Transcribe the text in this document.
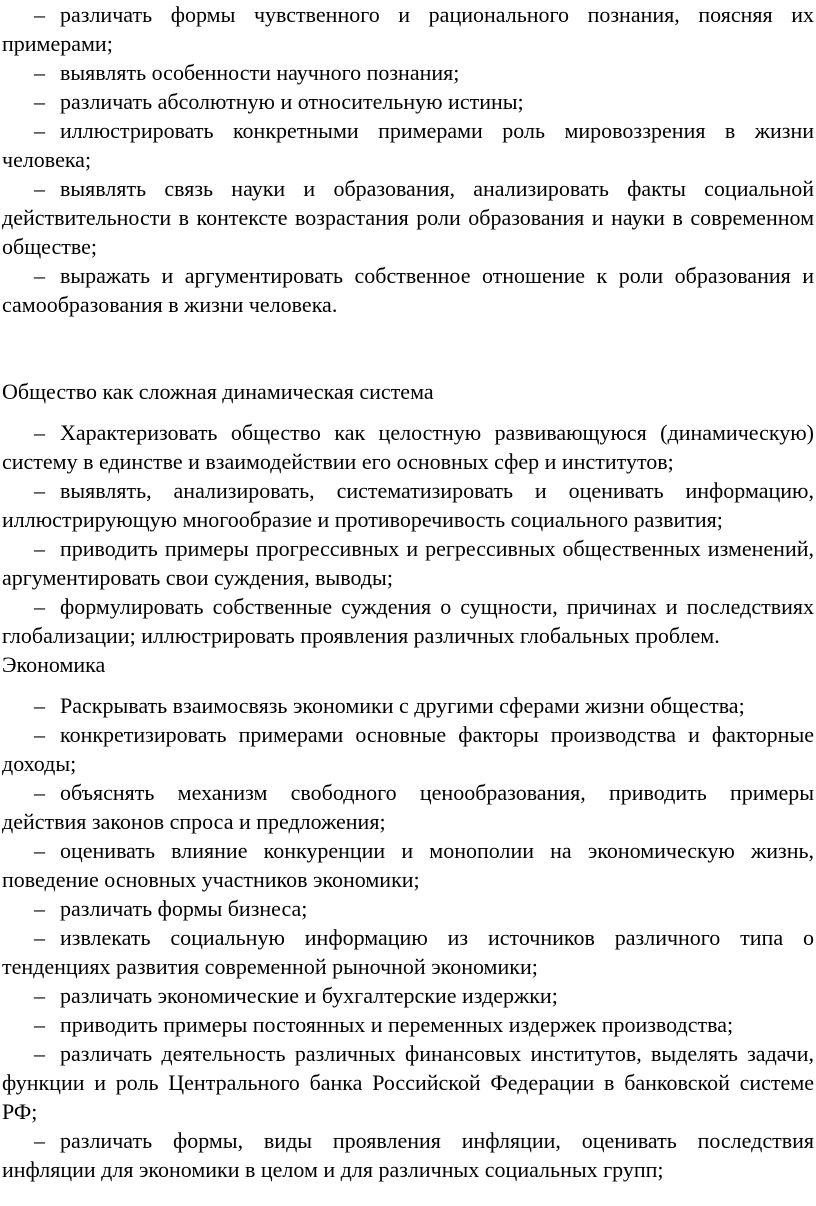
– различать формы чувственного и рационального познания, поясняя их примерами;

– выявлять особенности научного познания;

– различать абсолютную и относительную истины;

– иллюстрировать конкретными примерами роль мировоззрения в жизни человека;

– выявлять связь науки и образования, анализировать факты социальной действительности в контексте возрастания роли образования и науки в современном обществе;

– выражать и аргументировать собственное отношение к роли образования и самообразования в жизни человека.

Общество как сложная динамическая система

– Характеризовать общество как целостную развивающуюся (динамическую) систему в единстве и взаимодействии его основных сфер и институтов;

– выявлять, анализировать, систематизировать и оценивать информацию, иллюстрирующую многообразие и противоречивость социального развития;

– приводить примеры прогрессивных и регрессивных общественных изменений, аргументировать свои суждения, выводы;

– формулировать собственные суждения о сущности, причинах и последствиях глобализации; иллюстрировать проявления различных глобальных проблем.

Экономика

– Раскрывать взаимосвязь экономики с другими сферами жизни общества;

– конкретизировать примерами основные факторы производства и факторные доходы;

– объяснять механизм свободного ценообразования, приводить примеры действия законов спроса и предложения;

– оценивать влияние конкуренции и монополии на экономическую жизнь, поведение основных участников экономики;

– различать формы бизнеса;

– извлекать социальную информацию из источников различного типа о тенденциях развития современной рыночной экономики;

– различать экономические и бухгалтерские издержки;

– приводить примеры постоянных и переменных издержек производства;

– различать деятельность различных финансовых институтов, выделять задачи, функции и роль Центрального банка Российской Федерации в банковской системе РФ;

– различать формы, виды проявления инфляции, оценивать последствия инфляции для экономики в целом и для различных социальных групп;
